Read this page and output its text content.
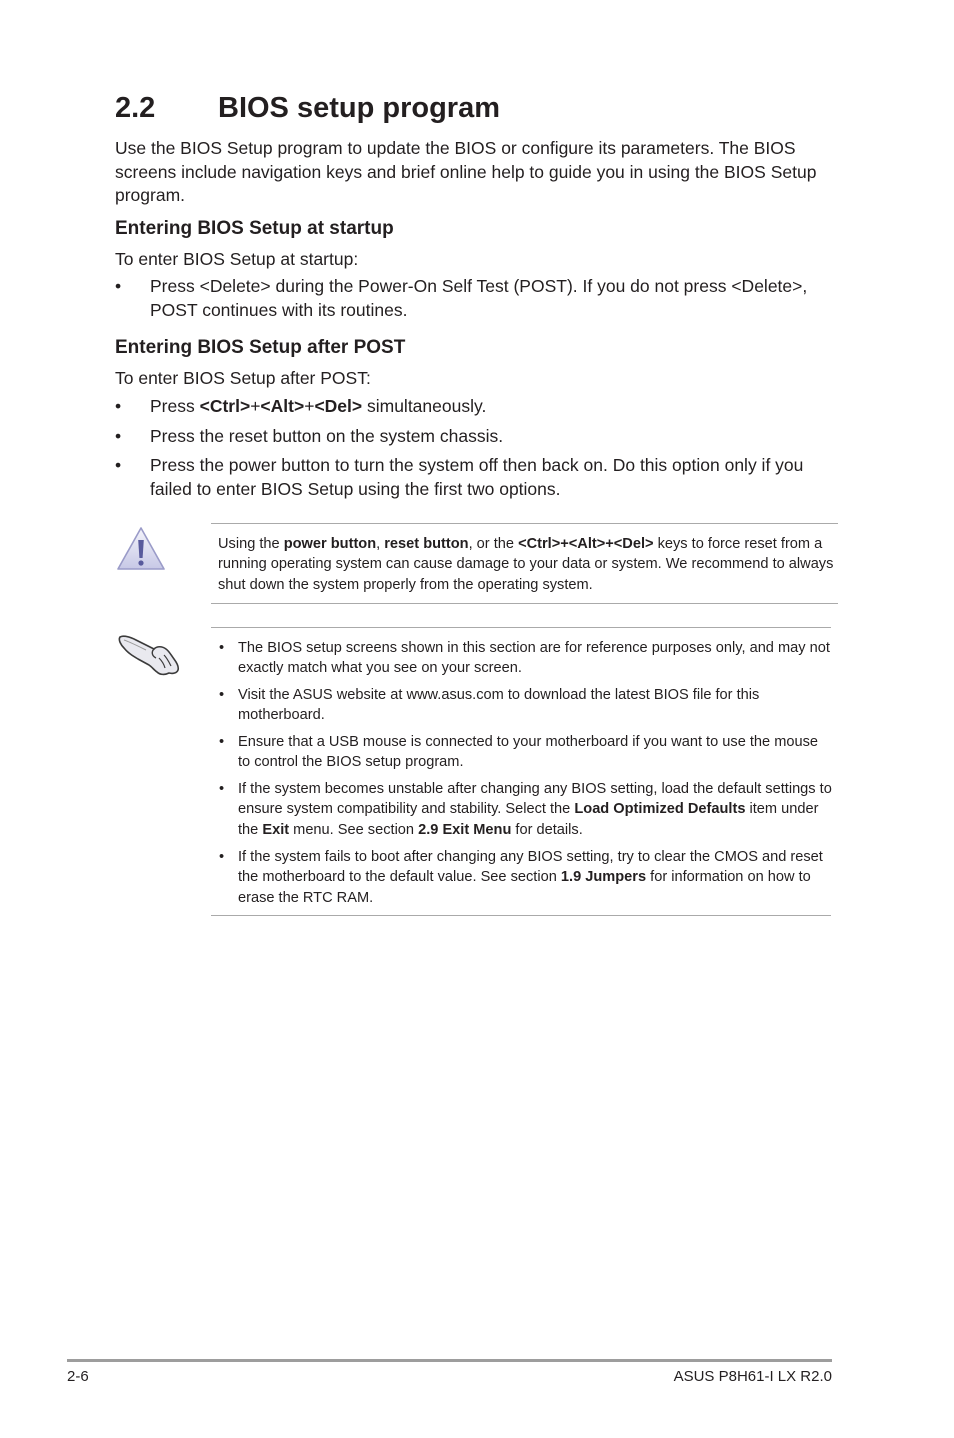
2.2 BIOS setup program
Use the BIOS Setup program to update the BIOS or configure its parameters. The BIOS screens include navigation keys and brief online help to guide you in using the BIOS Setup program.
Entering BIOS Setup at startup
To enter BIOS Setup at startup:
• Press <Delete> during the Power-On Self Test (POST). If you do not press <Delete>, POST continues with its routines.
Entering BIOS Setup after POST
To enter BIOS Setup after POST:
• Press <Ctrl>+<Alt>+<Del> simultaneously.
• Press the reset button on the system chassis.
• Press the power button to turn the system off then back on. Do this option only if you failed to enter BIOS Setup using the first two options.
Using the power button, reset button, or the <Ctrl>+<Alt>+<Del> keys to force reset from a running operating system can cause damage to your data or system. We recommend to always shut down the system properly from the operating system.
• The BIOS setup screens shown in this section are for reference purposes only, and may not exactly match what you see on your screen.
• Visit the ASUS website at www.asus.com to download the latest BIOS file for this motherboard.
• Ensure that a USB mouse is connected to your motherboard if you want to use the mouse to control the BIOS setup program.
• If the system becomes unstable after changing any BIOS setting, load the default settings to ensure system compatibility and stability. Select the Load Optimized Defaults item under the Exit menu. See section 2.9 Exit Menu for details.
• If the system fails to boot after changing any BIOS setting, try to clear the CMOS and reset the motherboard to the default value. See section 1.9 Jumpers for information on how to erase the RTC RAM.
2-6	ASUS P8H61-I LX R2.0
